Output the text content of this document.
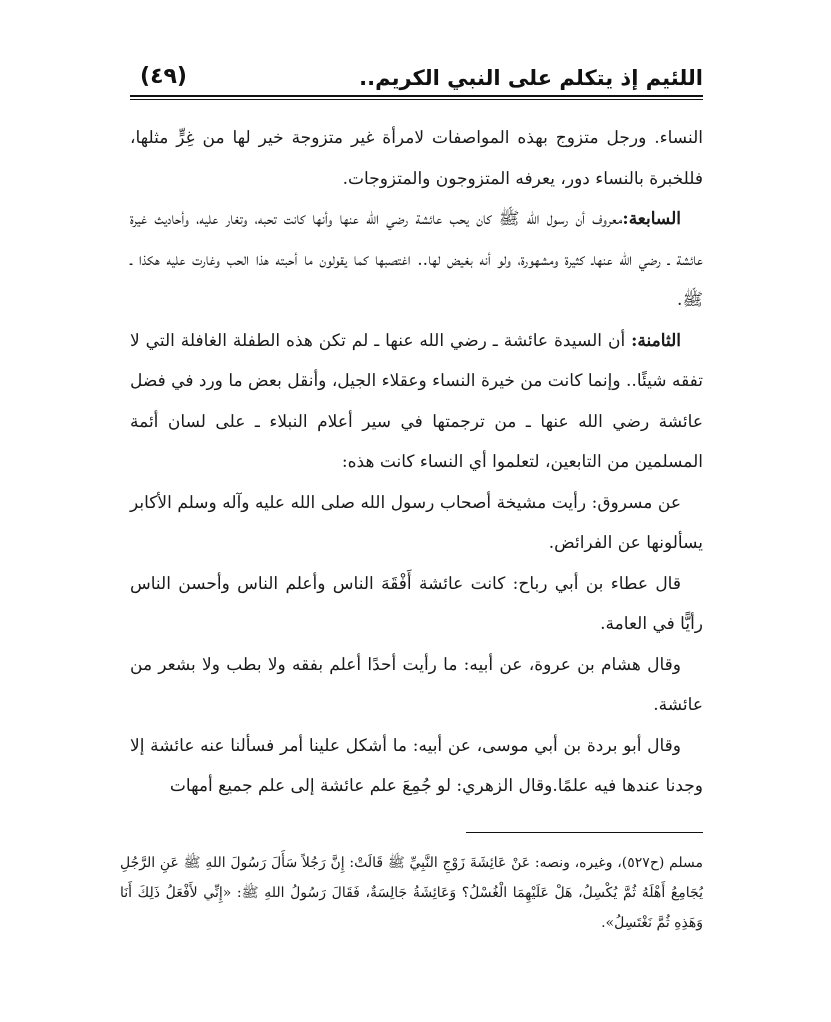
اللئيم إذ يتكلم على النبي الكريم..
(٤٩)

النساء. ورجل متزوج بهذه المواصفات لامرأة غير متزوجة خير لها من غِرٍّ مثلها، فللخبرة بالنساء دور، يعرفه المتزوجون والمتزوجات.

السابعة:معروف أن رسول الله ﷺ كان يحب عائشة رضي الله عنها وأنها كانت تحبه، وتغار عليه، وأحاديث غيرة عائشة ـ رضي الله عنهاـ كثيرة ومشهورة، ولو أنه بغيض لها.. اغتصبها كما يقولون ما أحبته هذا الحب وغارت عليه هكذا ـ ﷺ.

الثامنة: أن السيدة عائشة ـ رضي الله عنها ـ لم تكن هذه الطفلة الغافلة التي لا تفقه شيئًا.. وإنما كانت من خيرة النساء وعقلاء الجيل، وأنقل بعض ما ورد في فضل عائشة رضي الله عنها ـ من ترجمتها في سير أعلام النبلاء ـ على لسان أئمة المسلمين من التابعين، لتعلموا أي النساء كانت هذه:

عن مسروق: رأيت مشيخة أصحاب رسول الله صلى الله عليه وآله وسلم الأكابر يسألونها عن الفرائض.

قال عطاء بن أبي رباح: كانت عائشة أَفْقَهَ الناس وأعلم الناس وأحسن الناس رأيًّا في العامة.

وقال هشام بن عروة، عن أبيه: ما رأيت أحدًا أعلم بفقه ولا بطب ولا بشعر من عائشة.

وقال أبو بردة بن أبي موسى، عن أبيه: ما أشكل علينا أمر فسألنا عنه عائشة إلا وجدنا عندها فيه علمًا.وقال الزهري: لو جُمِعَ علم عائشة إلى علم جميع أمهات

مسلم (ح٥٢٧)، وغيره، ونصه: عَنْ عَائِشَةَ زَوْجِ النَّبِيِّ ﷺ قَالَتْ: إِنَّ رَجُلاً سَأَلَ رَسُولَ اللهِ ﷺ عَنِ الرَّجُلِ يُجَامِعُ أَهْلَهُ ثُمَّ يُكْسِلُ، هَلْ عَلَيْهِمَا الْغُسْلُ؟ وَعَائِشَةُ جَالِسَةٌ، فَقَالَ رَسُولُ اللهِ ﷺ: «إِنِّي لأَفْعَلُ ذَلِكَ أَنَا وَهَذِهِ ثُمَّ نَغْتَسِلُ».
